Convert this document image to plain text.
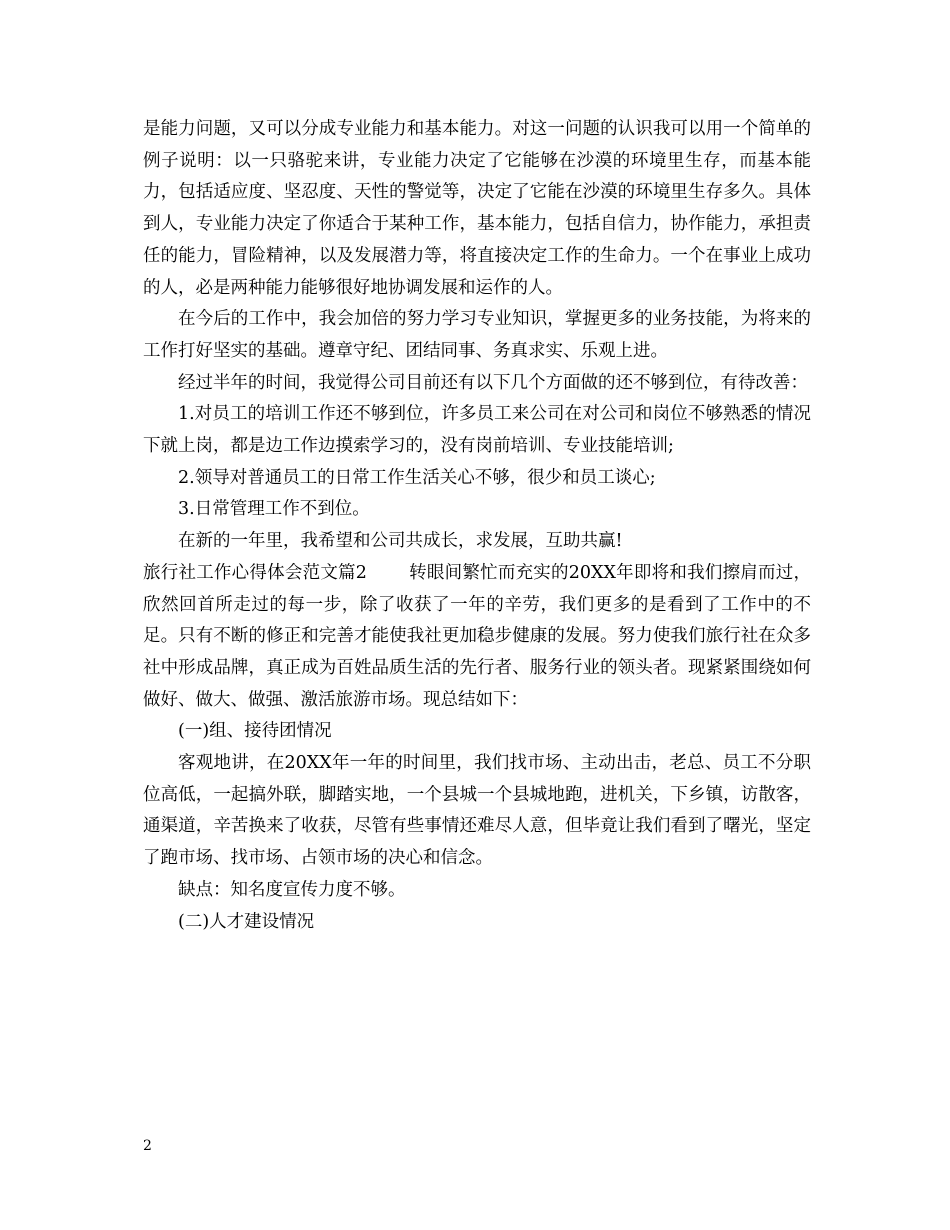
是能力问题，又可以分成专业能力和基本能力。对这一问题的认识我可以用一个简单的例子说明：以一只骆驼来讲，专业能力决定了它能够在沙漠的环境里生存，而基本能力，包括适应度、坚忍度、天性的警觉等，决定了它能在沙漠的环境里生存多久。具体到人，专业能力决定了你适合于某种工作，基本能力，包括自信力，协作能力，承担责任的能力，冒险精神，以及发展潜力等，将直接决定工作的生命力。一个在事业上成功的人，必是两种能力能够很好地协调发展和运作的人。

在今后的工作中，我会加倍的努力学习专业知识，掌握更多的业务技能，为将来的工作打好坚实的基础。遵章守纪、团结同事、务真求实、乐观上进。

经过半年的时间，我觉得公司目前还有以下几个方面做的还不够到位，有待改善：

1.对员工的培训工作还不够到位，许多员工来公司在对公司和岗位不够熟悉的情况下就上岗，都是边工作边摸索学习的，没有岗前培训、专业技能培训;

2.领导对普通员工的日常工作生活关心不够，很少和员工谈心;

3.日常管理工作不到位。

在新的一年里，我希望和公司共成长，求发展，互助共赢!

旅行社工作心得体会范文篇2 转眼间繁忙而充实的20XX年即将和我们擦肩而过，欣然回首所走过的每一步，除了收获了一年的辛劳，我们更多的是看到了工作中的不足。只有不断的修正和完善才能使我社更加稳步健康的发展。努力使我们旅行社在众多社中形成品牌，真正成为百姓品质生活的先行者、服务行业的领头者。现紧紧围绕如何做好、做大、做强、激活旅游市场。现总结如下：

(一)组、接待团情况

客观地讲，在20XX年一年的时间里，我们找市场、主动出击，老总、员工不分职位高低，一起搞外联，脚踏实地，一个县城一个县城地跑，进机关，下乡镇，访散客，通渠道，辛苦换来了收获，尽管有些事情还难尽人意，但毕竟让我们看到了曙光，坚定了跑市场、找市场、占领市场的决心和信念。

缺点：知名度宣传力度不够。

(二)人才建设情况

2
